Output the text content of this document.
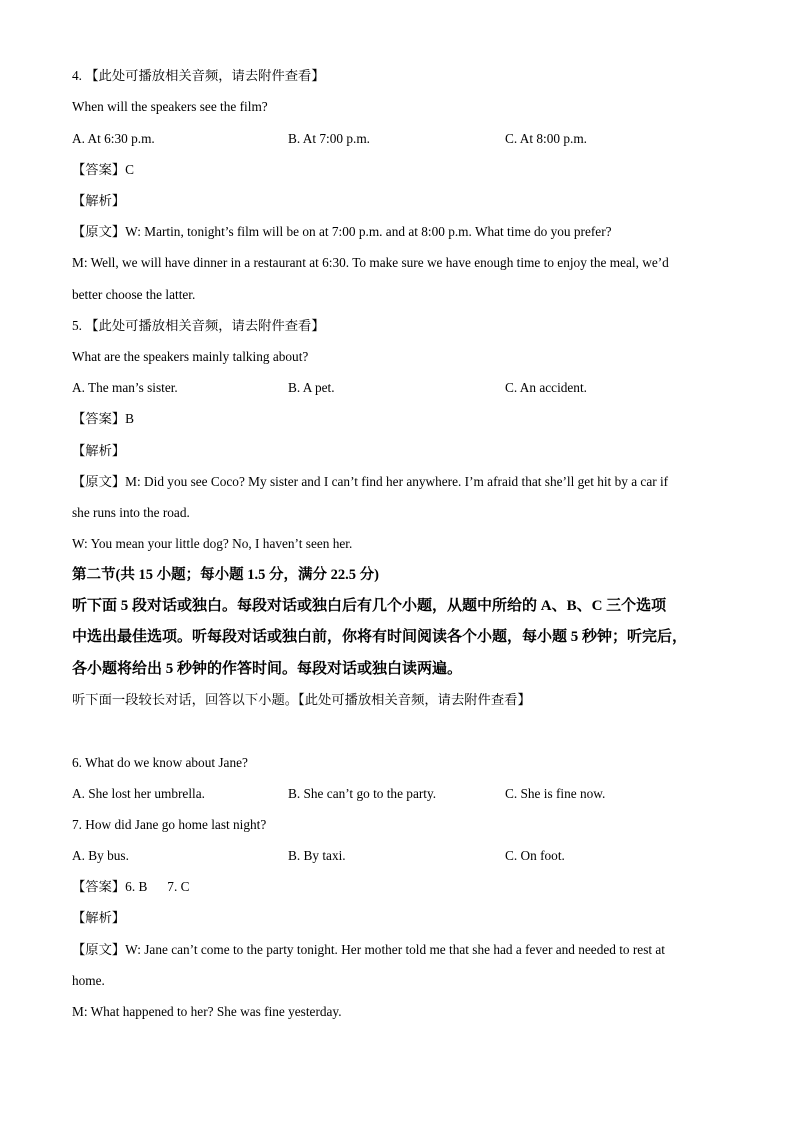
4. 【此处可播放相关音频，请去附件查看】
When will the speakers see the film?
A. At 6:30 p.m.	B. At 7:00 p.m.	C. At 8:00 p.m.
【答案】C
【解析】
【原文】W: Martin, tonight’s film will be on at 7:00 p.m. and at 8:00 p.m. What time do you prefer?
M: Well, we will have dinner in a restaurant at 6:30. To make sure we have enough time to enjoy the meal, we’d
better choose the latter.
5. 【此处可播放相关音频，请去附件查看】
What are the speakers mainly talking about?
A. The man’s sister.	B. A pet.	C. An accident.
【答案】B
【解析】
【原文】M: Did you see Coco? My sister and I can’t find her anywhere. I’m afraid that she’ll get hit by a car if
she runs into the road.
W: You mean your little dog? No, I haven’t seen her.
第二节(共 15 小题；每小题 1.5 分，满分 22.5 分)
听下面 5 段对话或独白。每段对话或独白后有几个小题，从题中所给的 A、B、C 三个选项
中选出最佳选项。听每段对话或独白前，你将有时间阅读各个小题，每小题 5 秒钟；听完后，
各小题将给出 5 秒钟的作答时间。每段对话或独白读两遍。
听下面一段较长对话，回答以下小题。【此处可播放相关音频，请去附件查看】
6. What do we know about Jane?
A. She lost her umbrella.	B. She can’t go to the party.	C. She is fine now.
7. How did Jane go home last night?
A. By bus.	B. By taxi.	C. On foot.
【答案】6. B      7. C
【解析】
【原文】W: Jane can’t come to the party tonight. Her mother told me that she had a fever and needed to rest at
home.
M: What happened to her? She was fine yesterday.
